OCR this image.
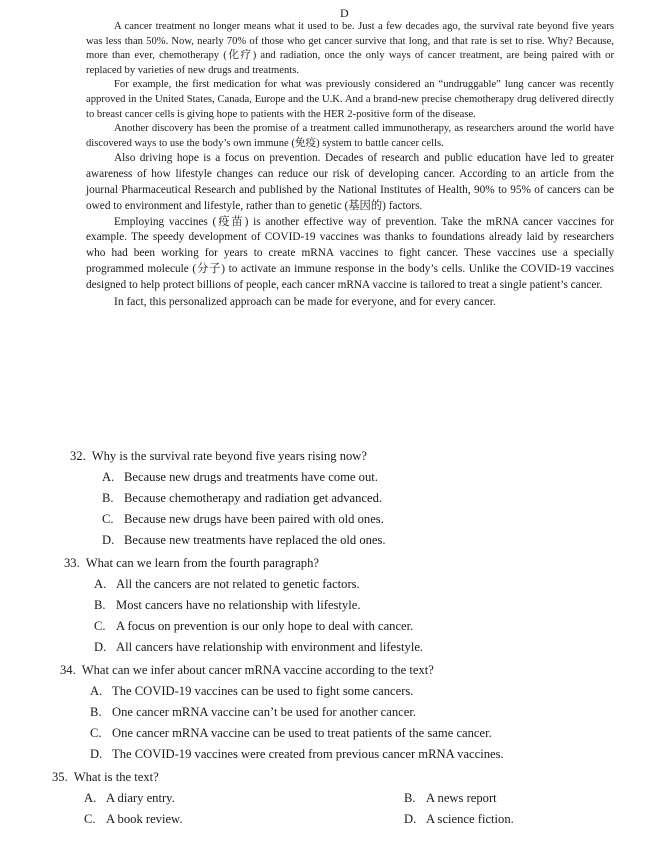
D

A cancer treatment no longer means what it used to be. Just a few decades ago, the survival rate beyond five years was less than 50%. Now, nearly 70% of those who get cancer survive that long, and that rate is set to rise. Why? Because, more than ever, chemotherapy (化疗) and radiation, once the only ways of cancer treatment, are being paired with or replaced by varieties of new drugs and treatments.

For example, the first medication for what was previously considered an “undruggable” lung cancer was recently approved in the United States, Canada, Europe and the U.K. And a brand-new precise chemotherapy drug delivered directly to breast cancer cells is giving hope to patients with the HER 2-positive form of the disease.

Another discovery has been the promise of a treatment called immunotherapy, as researchers around the world have discovered ways to use the body’s own immune (免疫) system to battle cancer cells.

Also driving hope is a focus on prevention. Decades of research and public education have led to greater awareness of how lifestyle changes can reduce our risk of developing cancer. According to an article from the journal Pharmaceutical Research and published by the National Institutes of Health, 90% to 95% of cancers can be owed to environment and lifestyle, rather than to genetic (基因的) factors.

Employing vaccines (疫苗) is another effective way of prevention. Take the mRNA cancer vaccines for example. The speedy development of COVID-19 vaccines was thanks to foundations already laid by researchers who had been working for years to create mRNA vaccines to fight cancer. These vaccines use a specially programmed molecule (分子) to activate an immune response in the body’s cells. Unlike the COVID-19 vaccines designed to help protect billions of people, each cancer mRNA vaccine is tailored to treat a single patient’s cancer.

In fact, this personalized approach can be made for everyone, and for every cancer.

32. Why is the survival rate beyond five years rising now?
A. Because new drugs and treatments have come out.
B. Because chemotherapy and radiation get advanced.
C. Because new drugs have been paired with old ones.
D. Because new treatments have replaced the old ones.
33. What can we learn from the fourth paragraph?
A. All the cancers are not related to genetic factors.
B. Most cancers have no relationship with lifestyle.
C. A focus on prevention is our only hope to deal with cancer.
D. All cancers have relationship with environment and lifestyle.
34. What can we infer about cancer mRNA vaccine according to the text?
A. The COVID-19 vaccines can be used to fight some cancers.
B. One cancer mRNA vaccine can’t be used for another cancer.
C. One cancer mRNA vaccine can be used to treat patients of the same cancer.
D. The COVID-19 vaccines were created from previous cancer mRNA vaccines.
35. What is the text?
A. A diary entry.	B. A news report
C. A book review.	D. A science fiction.
